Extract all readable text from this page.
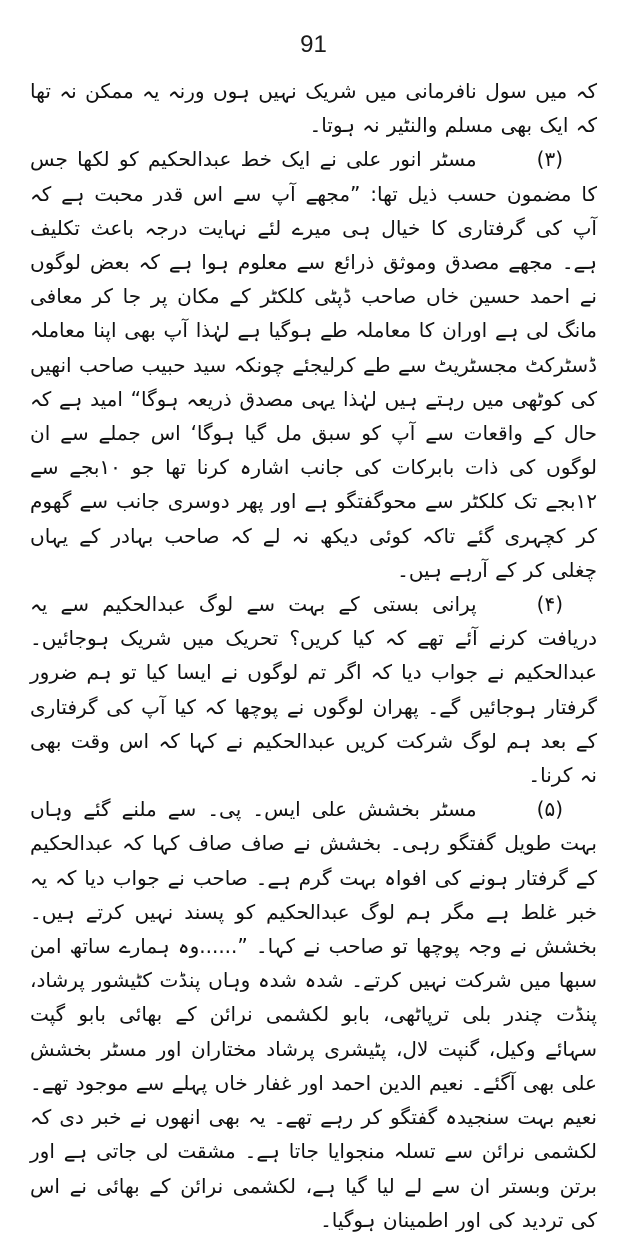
91

کہ میں سول نافرمانی میں شریک نہیں ہوں ورنہ یہ ممکن نہ تھا کہ ایک بھی مسلم والنٹیر نہ ہوتا۔

(۳)مسٹر انور علی نے ایک خط عبدالحکیم کو لکھا جس کا مضمون حسب ذیل تھا: ”مجھے آپ سے اس قدر محبت ہے کہ آپ کی گرفتاری کا خیال ہی میرے لئے نہایت درجہ باعث تکلیف ہے۔ مجھے مصدق وموثق ذرائع سے معلوم ہوا ہے کہ بعض لوگوں نے احمد حسین خاں صاحب ڈپٹی کلکٹر کے مکان پر جا کر معافی مانگ لی ہے اوران کا معاملہ طے ہوگیا ہے لہٰذا آپ بھی اپنا معاملہ ڈسٹرکٹ مجسٹریٹ سے طے کرلیجئے چونکہ سید حبیب صاحب انھیں کی کوٹھی میں رہتے ہیں لہٰذا یہی مصدق ذریعہ ہوگا“ امید ہے کہ حال کے واقعات سے آپ کو سبق مل گیا ہوگا‘ اس جملے سے ان لوگوں کی ذات بابرکات کی جانب اشارہ کرنا تھا جو ۱۰بجے سے ۱۲بجے تک کلکٹر سے محوگفتگو ہے اور پھر دوسری جانب سے گھوم کر کچہری گئے تاکہ کوئی دیکھ نہ لے کہ صاحب بہادر کے یہاں چغلی کر کے آرہے ہیں۔

(۴)پرانی بستی کے بہت سے لوگ عبدالحکیم سے یہ دریافت کرنے آئے تھے کہ کیا کریں؟ تحریک میں شریک ہوجائیں۔ عبدالحکیم نے جواب دیا کہ اگر تم لوگوں نے ایسا کیا تو ہم ضرور گرفتار ہوجائیں گے۔ پھران لوگوں نے پوچھا کہ کیا آپ کی گرفتاری کے بعد ہم لوگ شرکت کریں عبدالحکیم نے کہا کہ اس وقت بھی نہ کرنا۔

(۵)مسٹر بخشش علی ایس۔ پی۔ سے ملنے گئے وہاں بہت طویل گفتگو رہی۔ بخشش نے صاف صاف کہا کہ عبدالحکیم کے گرفتار ہونے کی افواہ بہت گرم ہے۔ صاحب نے جواب دیا کہ یہ خبر غلط ہے مگر ہم لوگ عبدالحکیم کو پسند نہیں کرتے ہیں۔ بخشش نے وجہ پوچھا تو صاحب نے کہا۔ ”......وہ ہمارے ساتھ امن سبھا میں شرکت نہیں کرتے۔ شدہ شدہ وہاں پنڈت کٹیشور پرشاد، پنڈت چندر بلی ترپاٹھی، بابو لکشمی نرائن کے بھائی بابو گپت سہائے وکیل، گنپت لال، پٹیشری پرشاد مختاران اور مسٹر بخشش علی بھی آگئے۔ نعیم الدین احمد اور غفار خاں پہلے سے موجود تھے۔ نعیم بہت سنجیدہ گفتگو کر رہے تھے۔ یہ بھی انھوں نے خبر دی کہ لکشمی نرائن سے تسلہ منجوایا جاتا ہے۔ مشقت لی جاتی ہے اور برتن وبستر ان سے لے لیا گیا ہے، لکشمی نرائن کے بھائی نے اس کی تردید کی اور اطمینان ہوگیا۔
